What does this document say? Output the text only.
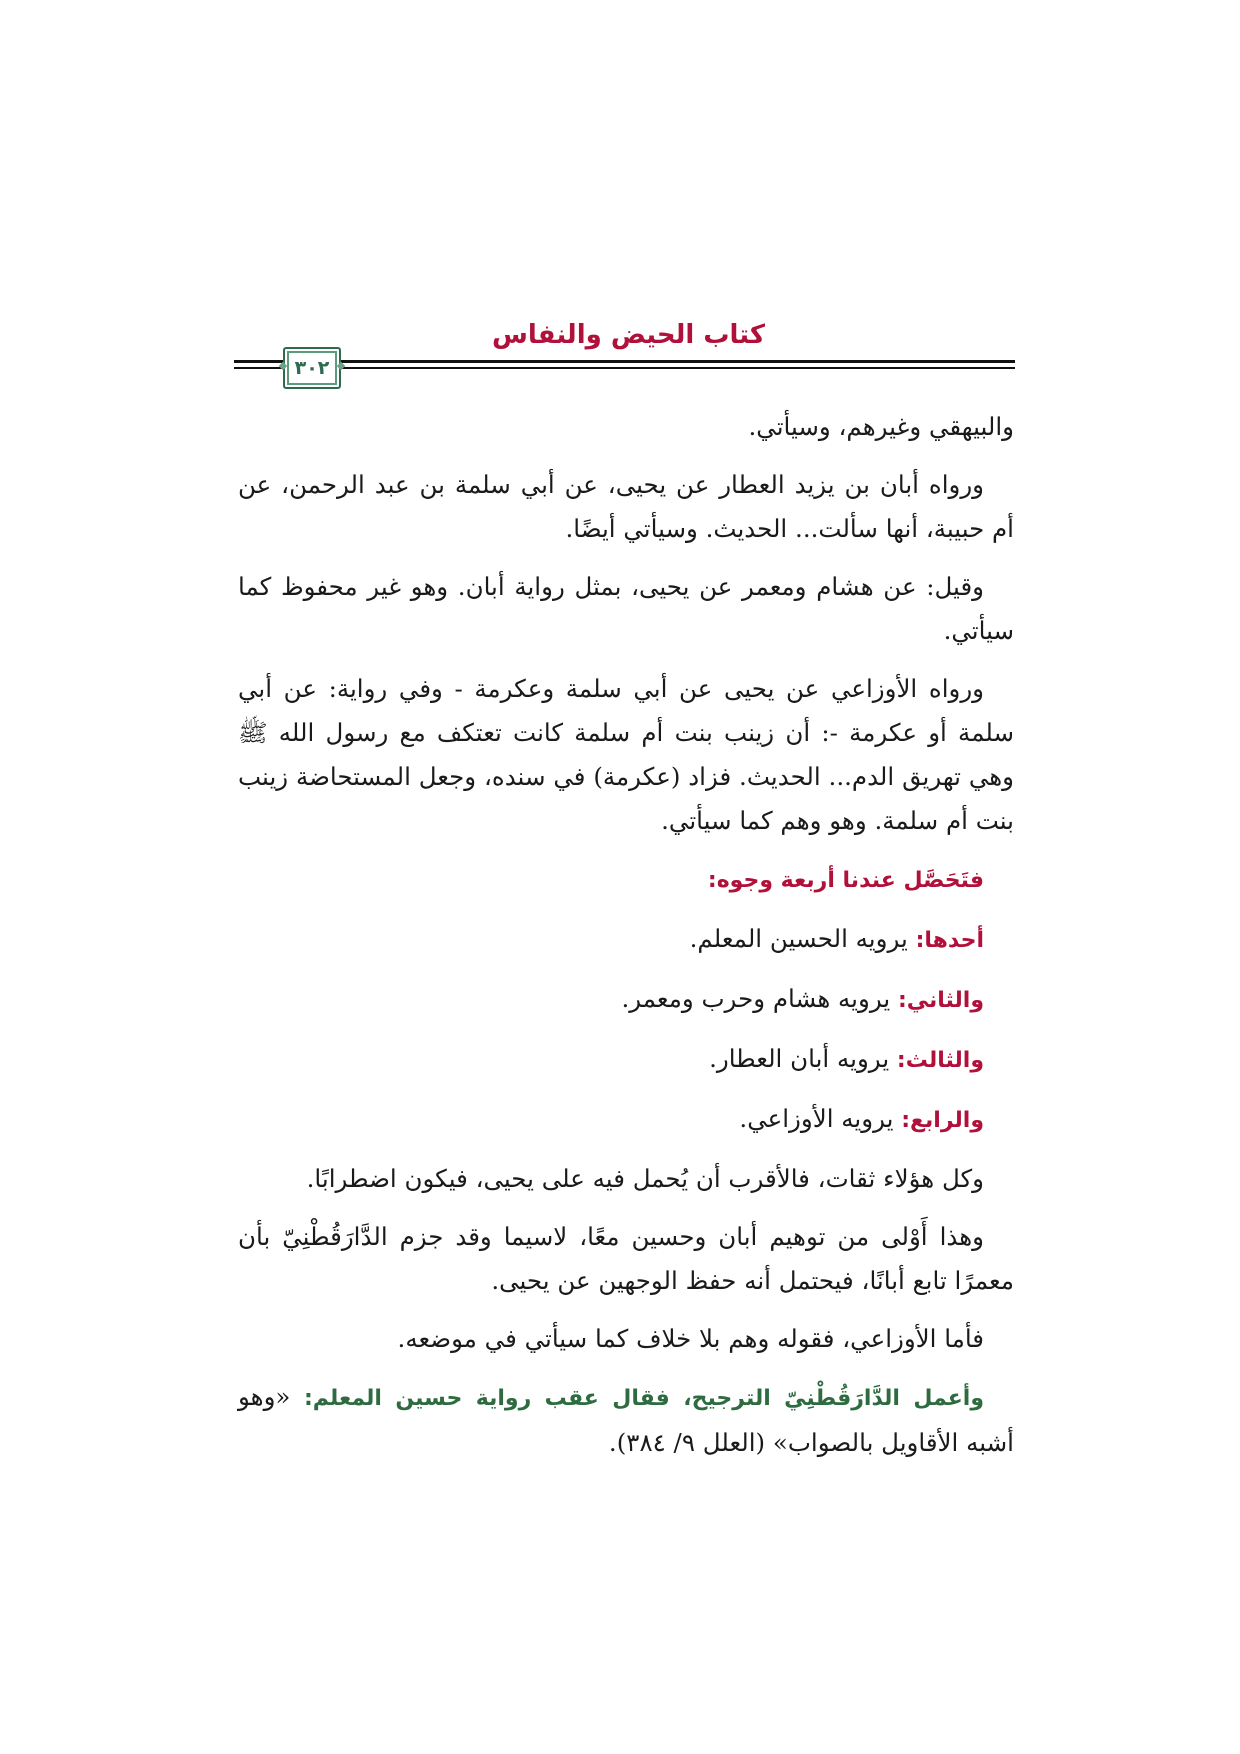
كتاب الحيض والنفاس
٣٠٢

والبيهقي وغيرهم، وسيأتي.

ورواه أبان بن يزيد العطار عن يحيى، عن أبي سلمة بن عبد الرحمن، عن أم حبيبة، أنها سألت... الحديث. وسيأتي أيضًا.

وقيل: عن هشام ومعمر عن يحيى، بمثل رواية أبان. وهو غير محفوظ كما سيأتي.

ورواه الأوزاعي عن يحيى عن أبي سلمة وعكرمة - وفي رواية: عن أبي سلمة أو عكرمة -: أن زينب بنت أم سلمة كانت تعتكف مع رسول الله ﷺ وهي تهريق الدم... الحديث. فزاد (عكرمة) في سنده، وجعل المستحاضة زينب بنت أم سلمة. وهو وهم كما سيأتي.

فتَحَصَّل عندنا أربعة وجوه:

أحدها: يرويه الحسين المعلم.

والثاني: يرويه هشام وحرب ومعمر.

والثالث: يرويه أبان العطار.

والرابع: يرويه الأوزاعي.

وكل هؤلاء ثقات، فالأقرب أن يُحمل فيه على يحيى، فيكون اضطرابًا.

وهذا أَوْلى من توهيم أبان وحسين معًا، لاسيما وقد جزم الدَّارَقُطْنِيّ بأن معمرًا تابع أبانًا، فيحتمل أنه حفظ الوجهين عن يحيى.

فأما الأوزاعي، فقوله وهم بلا خلاف كما سيأتي في موضعه.

وأعمل الدَّارَقُطْنِيّ الترجيح، فقال عقب رواية حسين المعلم: «وهو أشبه الأقاويل بالصواب» (العلل ٩/ ٣٨٤).
